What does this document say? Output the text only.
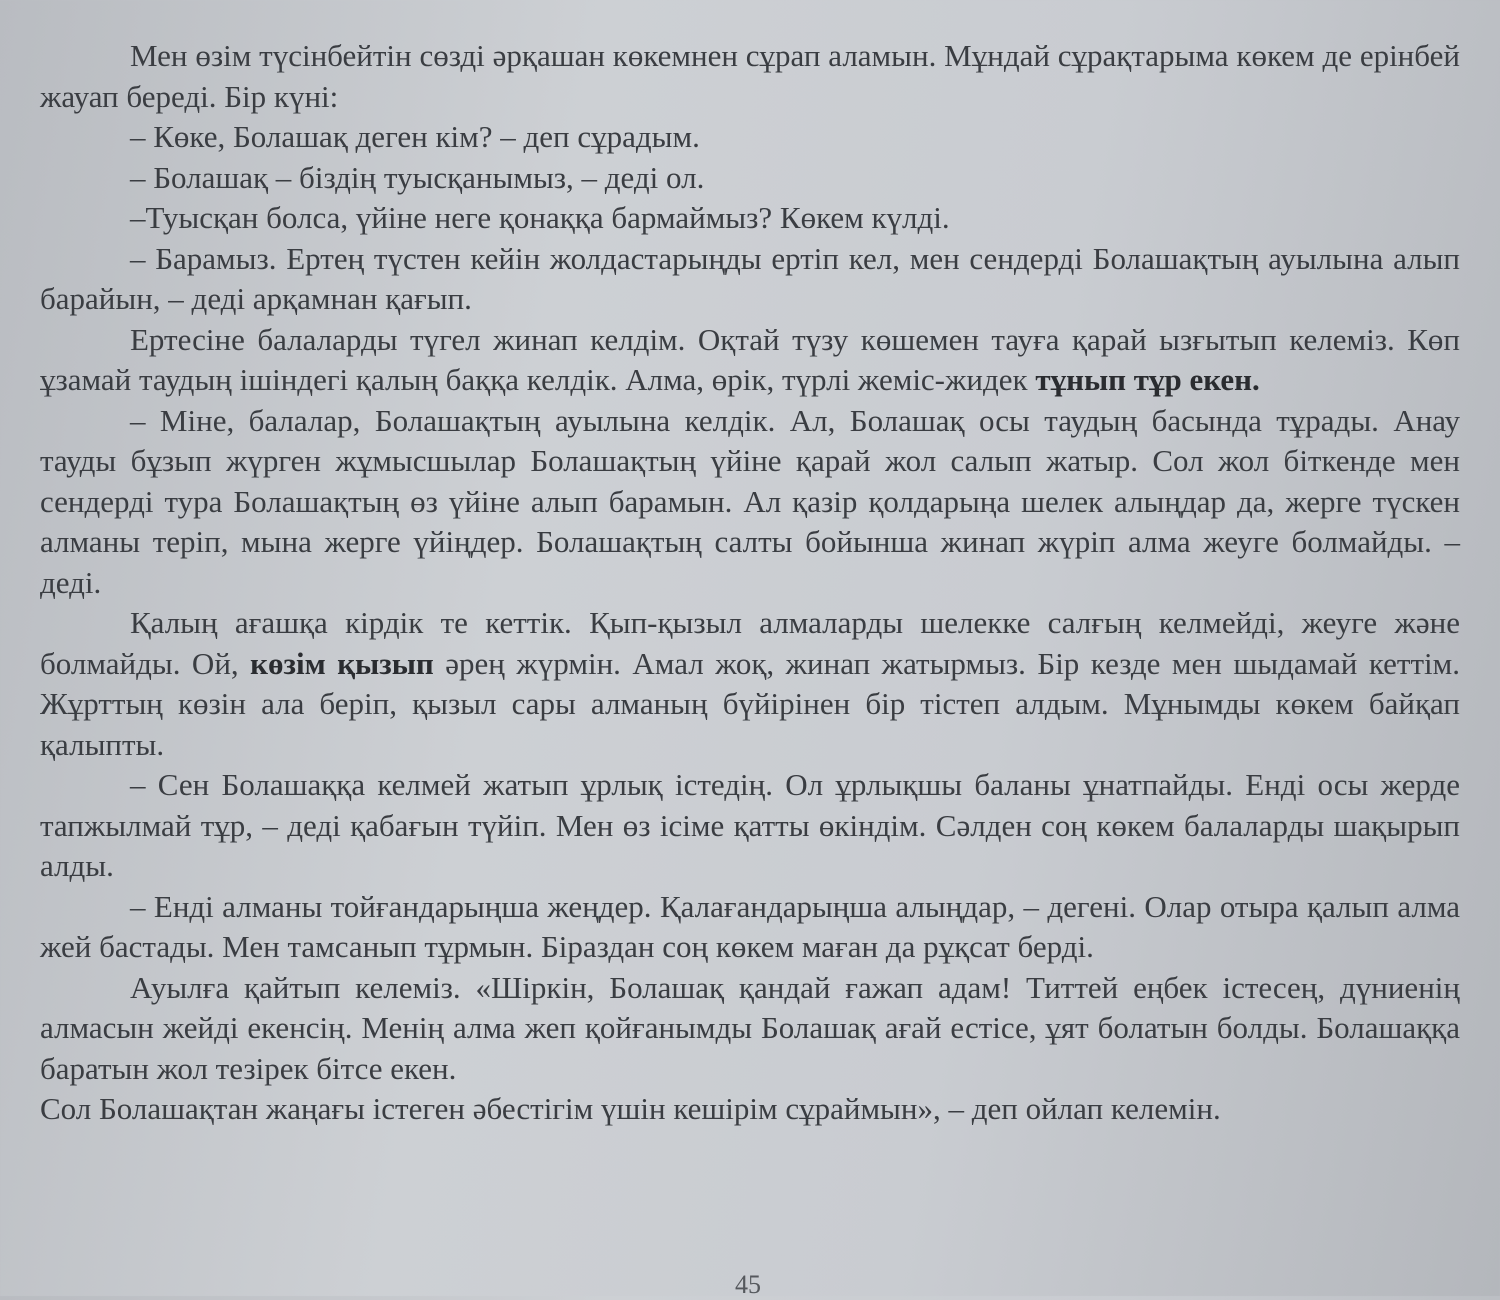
Мен өзім түсінбейтін сөзді әрқашан көкемнен сұрап аламын. Мұндай сұрақтарыма көкем де ерінбей жауап береді. Бір күні:

– Көке, Болашақ деген кім? – деп сұрадым.

– Болашақ – біздің туысқанымыз, – деді ол.

–Туысқан болса, үйіне неге қонаққа бармаймыз? Көкем күлді.

– Барамыз. Ертең түстен кейін жолдастарыңды ертіп кел, мен сендерді Болашақтың ауылына алып барайын, – деді арқамнан қағып.

Ертесіне балаларды түгел жинап келдім. Оқтай түзу көшемен тауға қарай ызғытып келеміз. Көп ұзамай таудың ішіндегі қалың баққа келдік. Алма, өрік, түрлі жеміс-жидек тұнып тұр екен.

– Міне, балалар, Болашақтың ауылына келдік. Ал, Болашақ осы таудың басында тұрады. Анау тауды бұзып жүрген жұмысшылар Болашақтың үйіне қарай жол салып жатыр. Сол жол біткенде мен сендерді тура Болашақтың өз үйіне алып барамын. Ал қазір қолдарыңа шелек алыңдар да, жерге түскен алманы теріп, мына жерге үйіңдер. Болашақтың салты бойынша жинап жүріп алма жеуге болмайды. – деді.

Қалың ағашқа кірдік те кеттік. Қып-қызыл алмаларды шелекке салғың келмейді, жеуге және болмайды. Ой, көзім қызып әрең жүрмін. Амал жоқ, жинап жатырмыз. Бір кезде мен шыдамай кеттім. Жұрттың көзін ала беріп, қызыл сары алманың бүйірінен бір тістеп алдым. Мұнымды көкем байқап қалыпты.

– Сен Болашаққа келмей жатып ұрлық істедің. Ол ұрлықшы баланы ұнатпайды. Енді осы жерде тапжылмай тұр, – деді қабағын түйіп. Мен өз ісіме қатты өкіндім. Сәлден соң көкем балаларды шақырып алды.

– Енді алманы тойғандарыңша жеңдер. Қалағандарыңша алыңдар, – дегені. Олар отыра қалып алма жей бастады. Мен тамсанып тұрмын. Біраздан соң көкем маған да рұқсат берді.

Ауылға қайтып келеміз. «Шіркін, Болашақ қандай ғажап адам! Титтей еңбек істесең, дүниенің алмасын жейді екенсің. Менің алма жеп қойғанымды Болашақ ағай естісе, ұят болатын болды. Болашаққа баратын жол тезірек бітсе екен.

Сол Болашақтан жаңағы істеген әбестігім үшін кешірім сұраймын», – деп ойлап келемін.

45
